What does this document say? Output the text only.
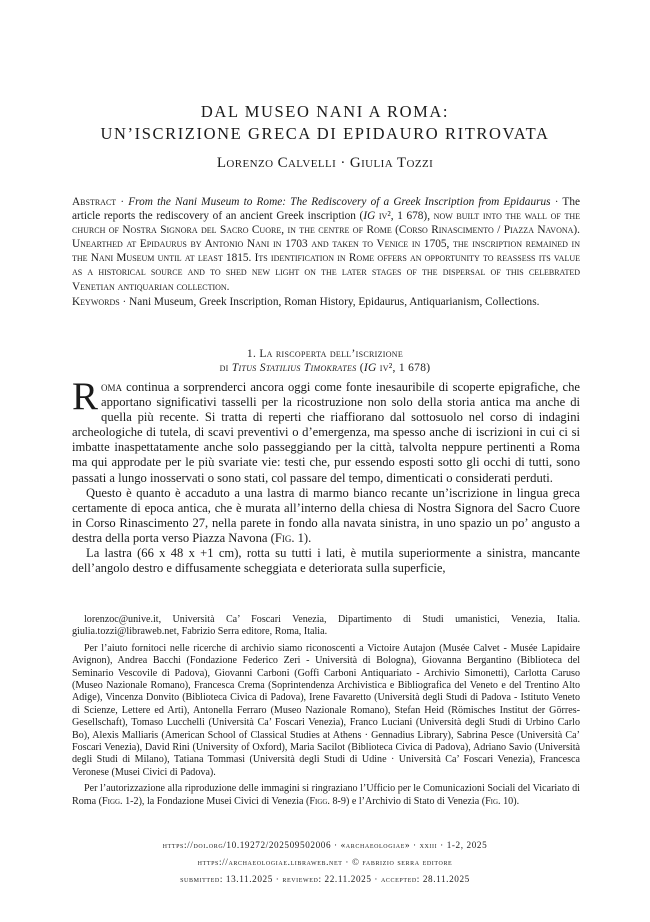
DAL MUSEO NANI A ROMA:
UN’ISCRIZIONE GRECA DI EPIDAURO RITROVATA
Lorenzo Calvelli · Giulia Tozzi
Abstract · From the Nani Museum to Rome: The Rediscovery of a Greek Inscription from Epidaurus · The article reports the rediscovery of an ancient Greek inscription (IG iv², 1 678), now built into the wall of the church of Nostra Signora del Sacro Cuore, in the centre of Rome (Corso Rinascimento / Piazza Navona). Unearthed at Epidaurus by Antonio Nani in 1703 and taken to Venice in 1705, the inscription remained in the Nani Museum until at least 1815. Its identification in Rome offers an opportunity to reassess its value as a historical source and to shed new light on the later stages of the dispersal of this celebrated Venetian antiquarian collection.
Keywords · Nani Museum, Greek Inscription, Roman History, Epidaurus, Antiquarianism, Collections.
1. La riscoperta dell’iscrizione
di Titus Statilius Timokrates (IG iv², 1 678)

Roma continua a sorprenderci ancora oggi come fonte inesauribile di scoperte epigrafiche, che apportano significativi tasselli per la ricostruzione non solo della storia antica ma anche di quella più recente. Si tratta di reperti che riaffiorano dal sottosuolo nel corso di indagini archeologiche di tutela, di scavi preventivi o d’emergenza, ma spesso anche di iscrizioni in cui ci si imbatte inaspettatamente anche solo passeggiando per la città, talvolta neppure pertinenti a Roma ma qui approdate per le più svariate vie: testi che, pur essendo esposti sotto gli occhi di tutti, sono passati a lungo inosservati o sono stati, col passare del tempo, dimenticati o considerati perduti.

Questo è quanto è accaduto a una lastra di marmo bianco recante un’iscrizione in lingua greca certamente di epoca antica, che è murata all’interno della chiesa di Nostra Signora del Sacro Cuore in Corso Rinascimento 27, nella parete in fondo alla navata sinistra, in uno spazio un po’ angusto a destra della porta verso Piazza Navona (Fig. 1).

La lastra (66 x 48 x +1 cm), rotta su tutti i lati, è mutila superiormente a sinistra, mancante dell’angolo destro e diffusamente scheggiata e deteriorata sulla superficie,

lorenzoc@unive.it, Università Ca’ Foscari Venezia, Dipartimento di Studi umanistici, Venezia, Italia. giulia.tozzi@libraweb.net, Fabrizio Serra editore, Roma, Italia.

Per l’aiuto fornitoci nelle ricerche di archivio siamo riconoscenti a Victoire Autajon (Musée Calvet - Musée Lapidaire Avignon), Andrea Bacchi (Fondazione Federico Zeri - Università di Bologna), Giovanna Bergantino (Biblioteca del Seminario Vescovile di Padova), Giovanni Carboni (Goffi Carboni Antiquariato - Archivio Simonetti), Carlotta Caruso (Museo Nazionale Romano), Francesca Crema (Soprintendenza Archivistica e Bibliografica del Veneto e del Trentino Alto Adige), Vincenza Donvito (Biblioteca Civica di Padova), Irene Favaretto (Università degli Studi di Padova - Istituto Veneto di Scienze, Lettere ed Arti), Antonella Ferraro (Museo Nazionale Romano), Stefan Heid (Römisches Institut der Görres-Gesellschaft), Tomaso Lucchelli (Università Ca’ Foscari Venezia), Franco Luciani (Università degli Studi di Urbino Carlo Bo), Alexis Malliaris (American School of Classical Studies at Athens · Gennadius Library), Sabrina Pesce (Università Ca’ Foscari Venezia), David Rini (University of Oxford), Maria Sacilot (Biblioteca Civica di Padova), Adriano Savio (Università degli Studi di Milano), Tatiana Tommasi (Università degli Studi di Udine · Università Ca’ Foscari Venezia), Francesca Veronese (Musei Civici di Padova).

Per l’autorizzazione alla riproduzione delle immagini si ringraziano l’Ufficio per le Comunicazioni Sociali del Vicariato di Roma (Figg. 1-2), la Fondazione Musei Civici di Venezia (Figg. 8-9) e l’Archivio di Stato di Venezia (Fig. 10).

https://doi.org/10.19272/202509502006 · «archaeologiae» · xxiii · 1-2, 2025
https://archaeologiae.libraweb.net · © fabrizio serra editore
submitted: 13.11.2025 · reviewed: 22.11.2025 · accepted: 28.11.2025
